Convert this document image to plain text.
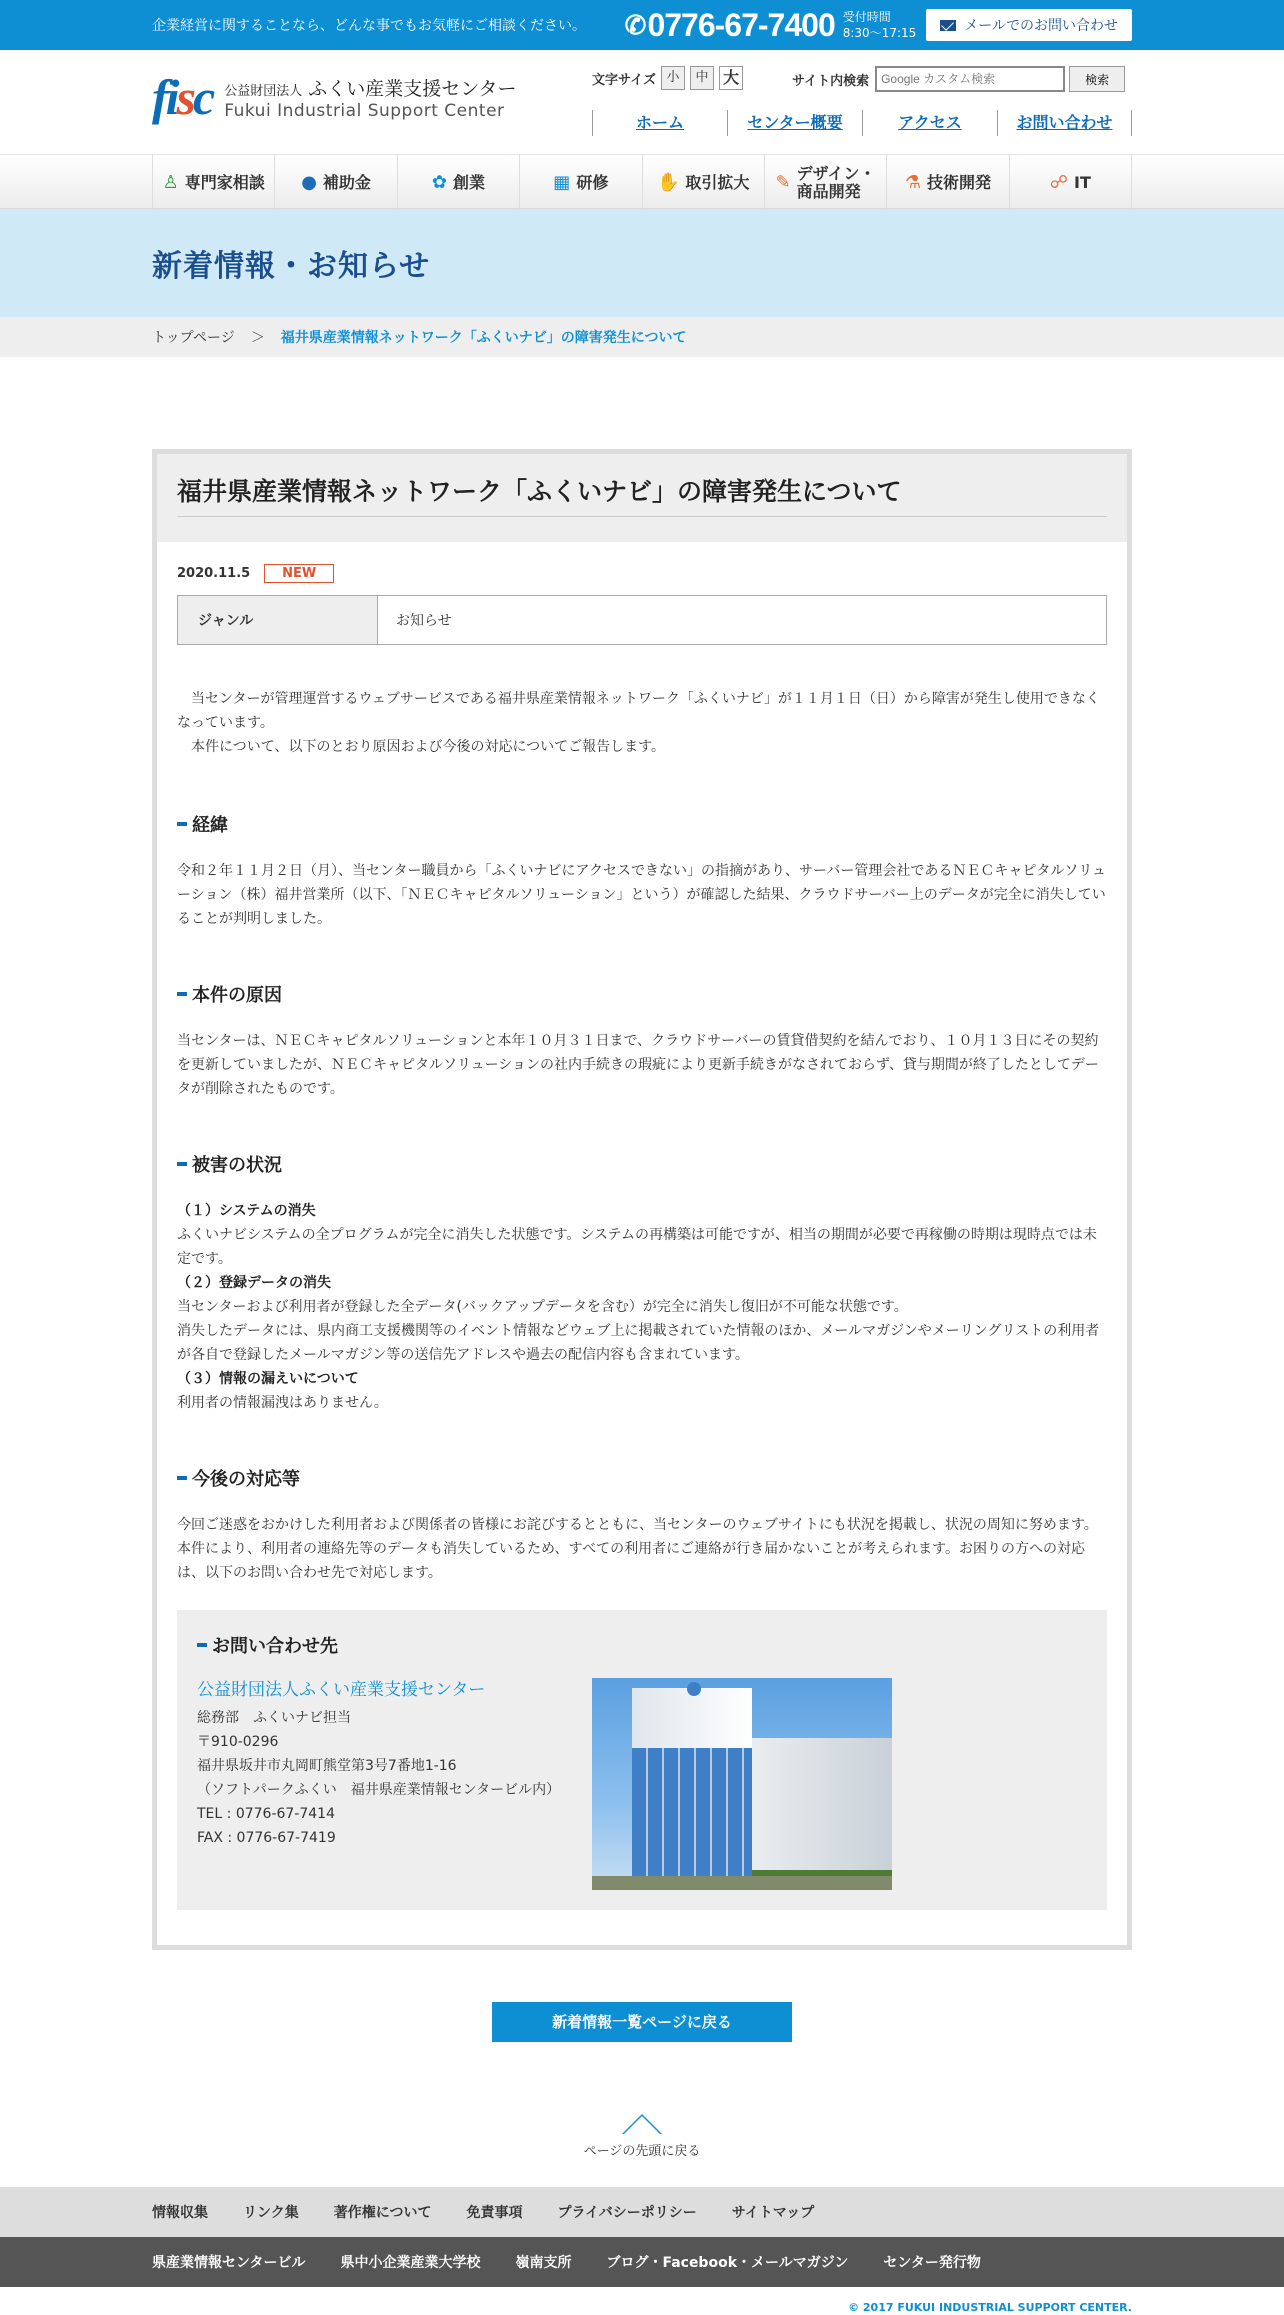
企業経営に関することなら、どんな事でもお気軽にご相談ください。	✆ 0776-67-7400 受付時間
8:30〜17:15	メールでのお問い合わせ
fisc 公益財団法人 ふくい産業支援センター
Fukui Industrial Support Center
文字サイズ 小	中 大	サイト内検索
Google カスタム検索	検索
ホーム	センター概要	アクセス	お問い合わせ
♙ 専門家相談 ● 補助金	✿ 創業	▦ 研修	✋ 取引拡大 ✎ デザイン・
商品開発	⚗ 技術開発	☍ IT
新着情報・お知らせ
トップページ ＞ 福井県産業情報ネットワーク「ふくいナビ」の障害発生について
福井県産業情報ネットワーク「ふくいナビ」の障害発生について
2020.11.5	NEW
ジャンル	お知らせ

　当センターが管理運営するウェブサービスである福井県産業情報ネットワーク「ふくいナビ」が１１月１日（日）から障害が発生し使用できなくなっています。

　本件について、以下のとおり原因および今後の対応についてご報告します。

経緯

令和２年１１月２日（月）、当センター職員から「ふくいナビにアクセスできない」の指摘があり、サーバー管理会社であるＮＥＣキャピタルソリューション（株）福井営業所（以下、「ＮＥＣキャピタルソリューション」という）が確認した結果、クラウドサーバー上のデータが完全に消失していることが判明しました。

本件の原因

当センターは、ＮＥＣキャピタルソリューションと本年１０月３１日まで、クラウドサーバーの賃貸借契約を結んでおり、１０月１３日にその契約を更新していましたが、ＮＥＣキャピタルソリューションの社内手続きの瑕疵により更新手続きがなされておらず、貸与期間が終了したとしてデータが削除されたものです。

被害の状況

（１）システムの消失

ふくいナビシステムの全プログラムが完全に消失した状態です。システムの再構築は可能ですが、相当の期間が必要で再稼働の時期は現時点では未定です。

（２）登録データの消失

当センターおよび利用者が登録した全データ(バックアップデータを含む）が完全に消失し復旧が不可能な状態です。

消失したデータには、県内商工支援機関等のイベント情報などウェブ上に掲載されていた情報のほか、メールマガジンやメーリングリストの利用者が各自で登録したメールマガジン等の送信先アドレスや過去の配信内容も含まれています。

（３）情報の漏えいについて

利用者の情報漏洩はありません。

今後の対応等

今回ご迷惑をおかけした利用者および関係者の皆様にお詫びするとともに、当センターのウェブサイトにも状況を掲載し、状況の周知に努めます。

本件により、利用者の連絡先等のデータも消失しているため、すべての利用者にご連絡が行き届かないことが考えられます。お困りの方への対応は、以下のお問い合わせ先で対応します。

お問い合わせ先
公益財団法人ふくい産業支援センター

総務部　ふくいナビ担当

〒910-0296

福井県坂井市丸岡町熊堂第3号7番地1-16

（ソフトパークふくい　福井県産業情報センタービル内）

TEL : 0776-67-7414

FAX : 0776-67-7419

新着情報一覧ページに戻る
ページの先頭に戻る
情報収集	リンク集	著作権について	免責事項	プライバシーポリシー	サイトマップ
県産業情報センタービル	県中小企業産業大学校	嶺南支所	ブログ・Facebook・メールマガジン	センター発行物
© 2017 FUKUI INDUSTRIAL SUPPORT CENTER.
